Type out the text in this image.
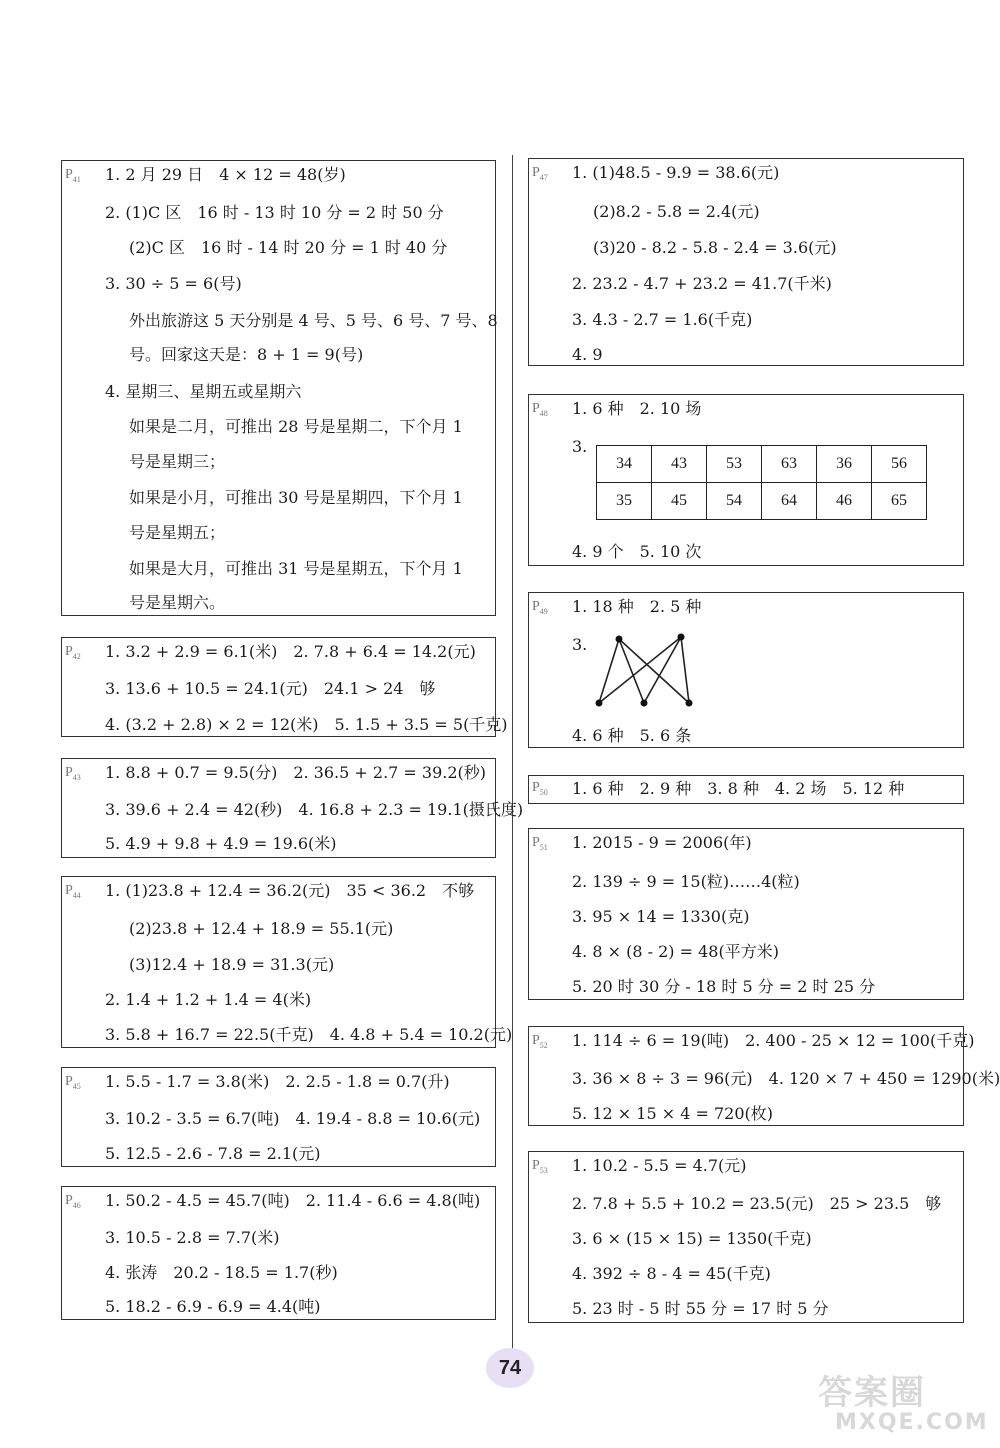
$P_{41}$ 1. 2 月 29 日　4 × 12 = 48(岁)
2. (1)C 区　16 时 - 13 时 10 分 = 2 时 50 分
(2)C 区　16 时 - 14 时 20 分 = 1 时 40 分
3. 30 ÷ 5 = 6(号)
外出旅游这 5 天分别是 4 号、5 号、6 号、7 号、8
号。回家这天是：8 + 1 = 9(号)
4. 星期三、星期五或星期六
如果是二月，可推出 28 号是星期二，下个月 1
号是星期三；
如果是小月，可推出 30 号是星期四，下个月 1
号是星期五；
如果是大月，可推出 31 号是星期五，下个月 1
号是星期六。
$P_{42}$ 1. 3.2 + 2.9 = 6.1(米)　2. 7.8 + 6.4 = 14.2(元)
3. 13.6 + 10.5 = 24.1(元)　24.1 > 24　够
4. (3.2 + 2.8) × 2 = 12(米)　5. 1.5 + 3.5 = 5(千克)
$P_{43}$ 1. 8.8 + 0.7 = 9.5(分)　2. 36.5 + 2.7 = 39.2(秒)
3. 39.6 + 2.4 = 42(秒)　4. 16.8 + 2.3 = 19.1(摄氏度)
5. 4.9 + 9.8 + 4.9 = 19.6(米)
$P_{44}$ 1. (1)23.8 + 12.4 = 36.2(元)　35 < 36.2　不够
(2)23.8 + 12.4 + 18.9 = 55.1(元)
(3)12.4 + 18.9 = 31.3(元)
2. 1.4 + 1.2 + 1.4 = 4(米)
3. 5.8 + 16.7 = 22.5(千克)　4. 4.8 + 5.4 = 10.2(元)
$P_{45}$ 1. 5.5 - 1.7 = 3.8(米)　2. 2.5 - 1.8 = 0.7(升)
3. 10.2 - 3.5 = 6.7(吨)　4. 19.4 - 8.8 = 10.6(元)
5. 12.5 - 2.6 - 7.8 = 2.1(元)
$P_{46}$ 1. 50.2 - 4.5 = 45.7(吨)　2. 11.4 - 6.6 = 4.8(吨)
3. 10.5 - 2.8 = 7.7(米)
4. 张涛　20.2 - 18.5 = 1.7(秒)
5. 18.2 - 6.9 - 6.9 = 4.4(吨)
$P_{47}$ 1. (1)48.5 - 9.9 = 38.6(元)
(2)8.2 - 5.8 = 2.4(元)
(3)20 - 8.2 - 5.8 - 2.4 = 3.6(元)
2. 23.2 - 4.7 + 23.2 = 41.7(千米)
3. 4.3 - 2.7 = 1.6(千克)
4. 9
$P_{48}$ 1. 6 种　2. 10 场
3.
34	43	53	63	36	56
35	45	54	64	46	65
4. 9 个　5. 10 次
$P_{49}$ 1. 18 种　2. 5 种
3.
4. 6 种　5. 6 条
$P_{50}$ 1. 6 种　2. 9 种　3. 8 种　4. 2 场　5. 12 种
$P_{51}$ 1. 2015 - 9 = 2006(年)
2. 139 ÷ 9 = 15(粒)……4(粒)
3. 95 × 14 = 1330(克)
4. 8 × (8 - 2) = 48(平方米)
5. 20 时 30 分 - 18 时 5 分 = 2 时 25 分
$P_{52}$ 1. 114 ÷ 6 = 19(吨)　2. 400 - 25 × 12 = 100(千克)
3. 36 × 8 ÷ 3 = 96(元)　4. 120 × 7 + 450 = 1290(米)
5. 12 × 15 × 4 = 720(枚)
$P_{53}$ 1. 10.2 - 5.5 = 4.7(元)
2. 7.8 + 5.5 + 10.2 = 23.5(元)　25 > 23.5　够
3. 6 × (15 × 15) = 1350(千克)
4. 392 ÷ 8 - 4 = 45(千克)
5. 23 时 - 5 时 55 分 = 17 时 5 分
74
答案圈
MXQE.COM
